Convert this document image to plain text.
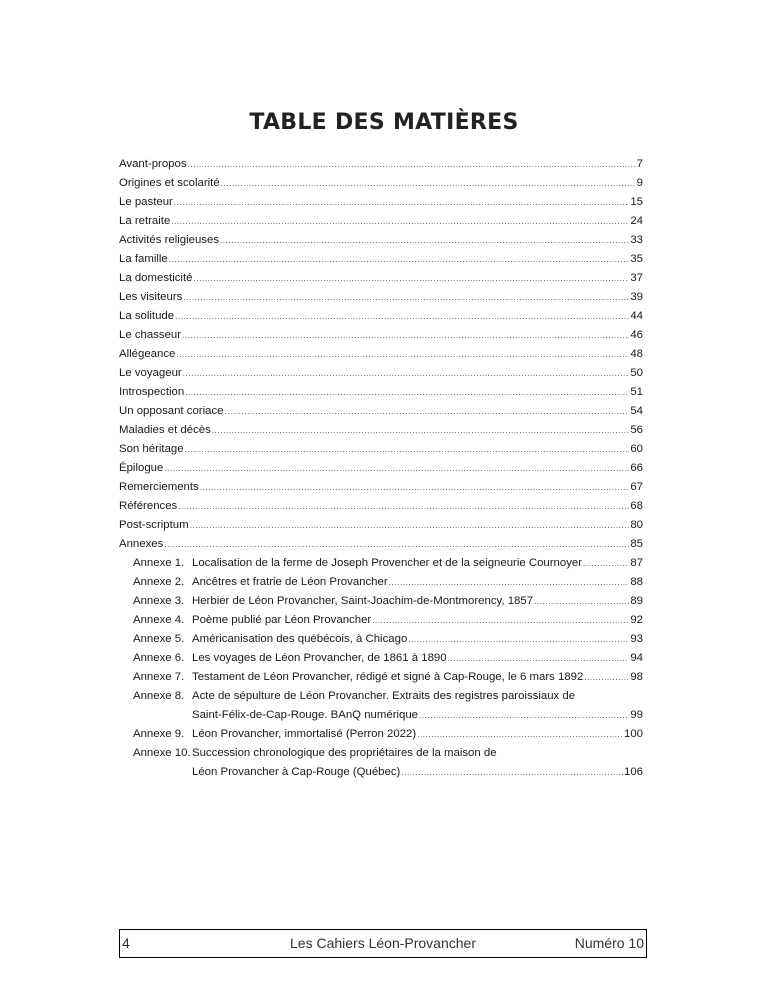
TABLE DES MATIÈRES
Avant-propos .....	7
Origines et scolarité .....	9
Le pasteur .....	15
La retraite .....	24
Activités religieuses .....	33
La famille .....	35
La domesticité .....	37
Les visiteurs .....	39
La solitude .....	44
Le chasseur .....	46
Allégeance .....	48
Le voyageur .....	50
Introspection .....	51
Un opposant coriace .....	54
Maladies et décès .....	56
Son héritage .....	60
Épilogue .....	66
Remerciements .....	67
Références .....	68
Post-scriptum .....	80
Annexes .....	85
Annexe 1. Localisation de la ferme de Joseph Provencher et de la seigneurie Cournoyer .....	87
Annexe 2. Ancêtres et fratrie de Léon Provancher .....	88
Annexe 3. Herbier de Léon Provancher, Saint-Joachim-de-Montmorency, 1857 .....	89
Annexe 4. Poème publié par Léon Provancher .....	92
Annexe 5. Américanisation des québécois, à Chicago .....	93
Annexe 6. Les voyages de Léon Provancher, de 1861 à 1890 .....	94
Annexe 7. Testament de Léon Provancher, rédigé et signé à Cap-Rouge, le 6 mars 1892 .....	98
Annexe 8. Acte de sépulture de Léon Provancher. Extraits des registres paroissiaux de
Saint-Félix-de-Cap-Rouge. BAnQ numérique .....	99
Annexe 9. Léon Provancher, immortalisé (Perron 2022) .....	100
Annexe 10.Succession chronologique des propriétaires de la maison de
Léon Provancher à Cap-Rouge (Québec) .....	106
4	Les Cahiers Léon-Provancher	Numéro 10
